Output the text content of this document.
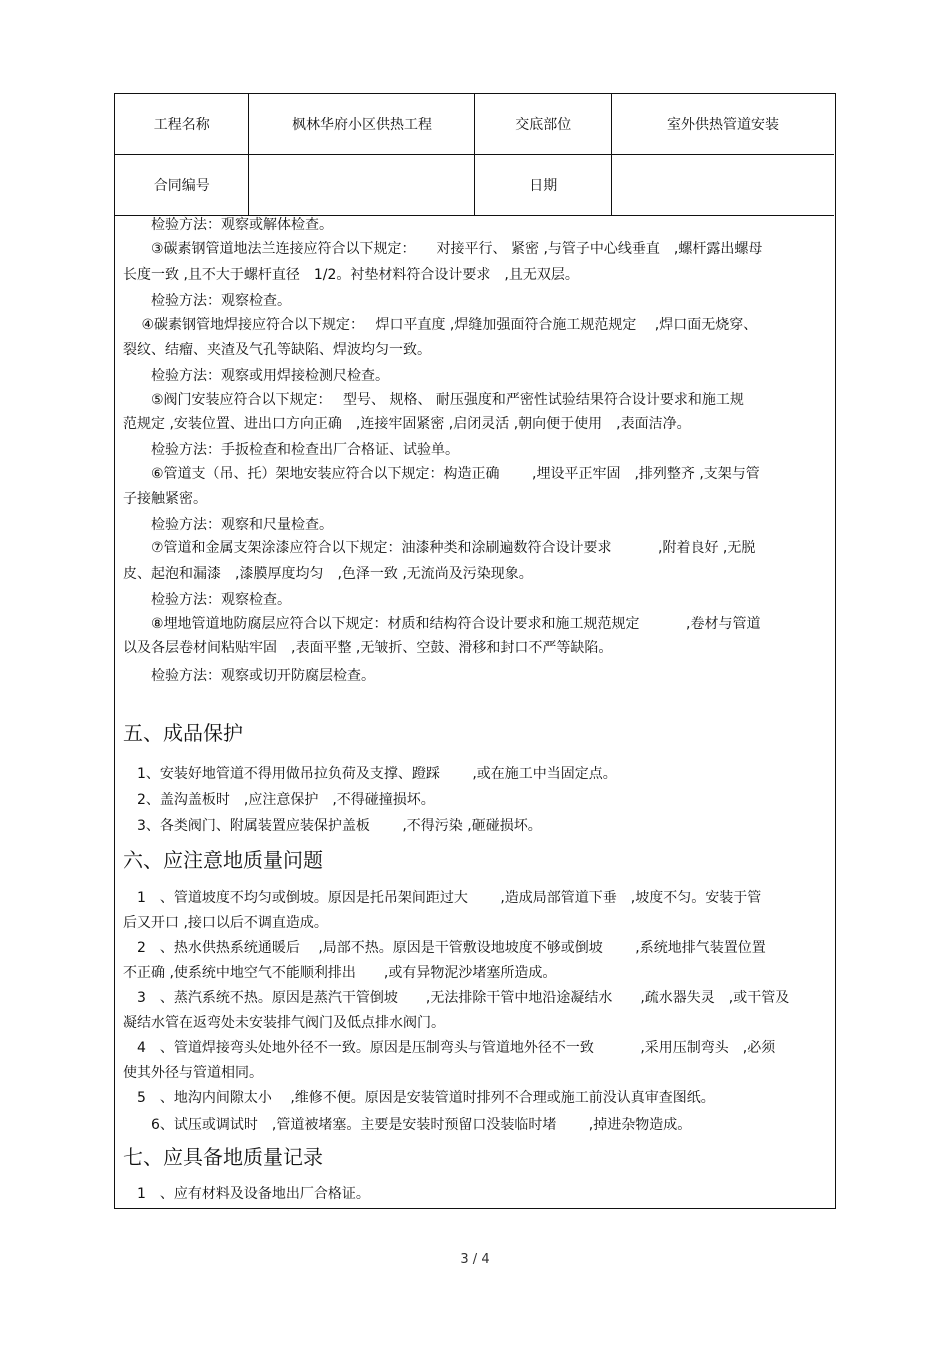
工程名称	枫林华府小区供热工程	交底部位	室外供热管道安装
合同编号		日期	
　　检验方法：观察或解体检查。
　　③碳素钢管道地法兰连接应符合以下规定：　　对接平行、 紧密 ,与管子中心线垂直　,螺杆露出螺母
长度一致 ,且不大于螺杆直径　1/2。衬垫材料符合设计要求　,且无双层。
　　检验方法：观察检查。
　 ④碳素钢管地焊接应符合以下规定：　 焊口平直度 ,焊缝加强面符合施工规范规定　 ,焊口面无烧穿、
裂纹、结瘤、夹渣及气孔等缺陷、焊波均匀一致。
　　检验方法：观察或用焊接检测尺检查。
　　⑤阀门安装应符合以下规定：　 型号、 规格、 耐压强度和严密性试验结果符合设计要求和施工规
范规定 ,安装位置、进出口方向正确　,连接牢固紧密 ,启闭灵活 ,朝向便于使用　,表面洁净。
　　检验方法：手扳检查和检查出厂合格证、试验单。
　　⑥管道支（吊、托）架地安装应符合以下规定：构造正确　　 ,埋设平正牢固　,排列整齐 ,支架与管
子接触紧密。
　　检验方法：观察和尺量检查。
　　⑦管道和金属支架涂漆应符合以下规定：油漆种类和涂刷遍数符合设计要求　　　 ,附着良好 ,无脱
皮、起泡和漏漆　,漆膜厚度均匀　,色泽一致 ,无流尚及污染现象。
　　检验方法：观察检查。
　　⑧埋地管道地防腐层应符合以下规定：材质和结构符合设计要求和施工规范规定　　　 ,卷材与管道
以及各层卷材间粘贴牢固　,表面平整 ,无皱折、空鼓、滑移和封口不严等缺陷。
　　检验方法：观察或切开防腐层检查。
五、成品保护
　1、安装好地管道不得用做吊拉负荷及支撑、蹬踩　　 ,或在施工中当固定点。
　2、盖沟盖板时　,应注意保护　,不得碰撞损坏。
　3、各类阀门、附属装置应装保护盖板　　 ,不得污染 ,砸碰损坏。
六、应注意地质量问题
　1　、管道坡度不均匀或倒坡。原因是托吊架间距过大　　 ,造成局部管道下垂　,坡度不匀。安装于管
后又开口 ,接口以后不调直造成。
　2　、热水供热系统通暖后　 ,局部不热。原因是干管敷设地坡度不够或倒坡　　 ,系统地排气装置位置
不正确 ,使系统中地空气不能顺利排出　　,或有异物泥沙堵塞所造成。
　3　、蒸汽系统不热。原因是蒸汽干管倒坡　　,无法排除干管中地沿途凝结水　　,疏水器失灵　,或干管及
凝结水管在返弯处未安装排气阀门及低点排水阀门。
　4　、管道焊接弯头处地外径不一致。原因是压制弯头与管道地外径不一致　　　 ,采用压制弯头　,必须
使其外径与管道相同。
　5　、地沟内间隙太小　 ,维修不便。原因是安装管道时排列不合理或施工前没认真审查图纸。
　　6、试压或调试时　,管道被堵塞。主要是安装时预留口没装临时堵　　 ,掉进杂物造成。
七、应具备地质量记录
　1　、应有材料及设备地出厂合格证。
3 / 4
